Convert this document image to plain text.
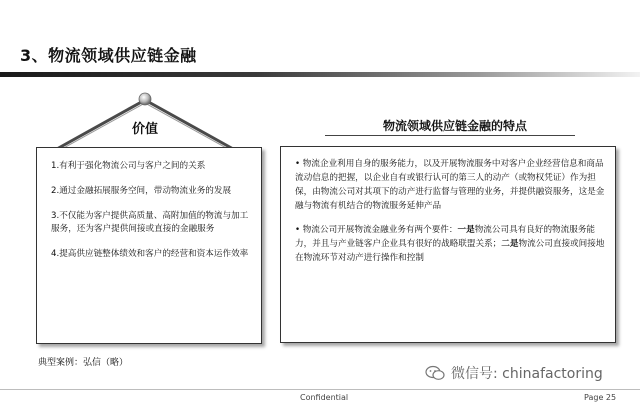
3、物流领域供应链金融
价值
1.有利于强化物流公司与客户之间的关系
2.通过金融拓展服务空间，带动物流业务的发展
3.不仅能为客户提供高质量、高附加值的物流与加工服务，还为客户提供间接或直接的金融服务
4.提高供应链整体绩效和客户的经营和资本运作效率
物流领域供应链金融的特点
• 物流企业利用自身的服务能力，以及开展物流服务中对客户企业经营信息和商品流动信息的把握，以企业自有或银行认可的第三人的动产（或物权凭证）作为担保，由物流公司对其项下的动产进行监督与管理的业务，并提供融资服务，这是金融与物流有机结合的物流服务延伸产品
• 物流公司开展物流金融业务有两个要件：一是物流公司具有良好的物流服务能力，并且与产业链客户企业具有很好的战略联盟关系；二是物流公司直接或间接地在物流环节对动产进行操作和控制
典型案例：弘信（略）
微信号: chinafactoring
Confidential	Page 25
